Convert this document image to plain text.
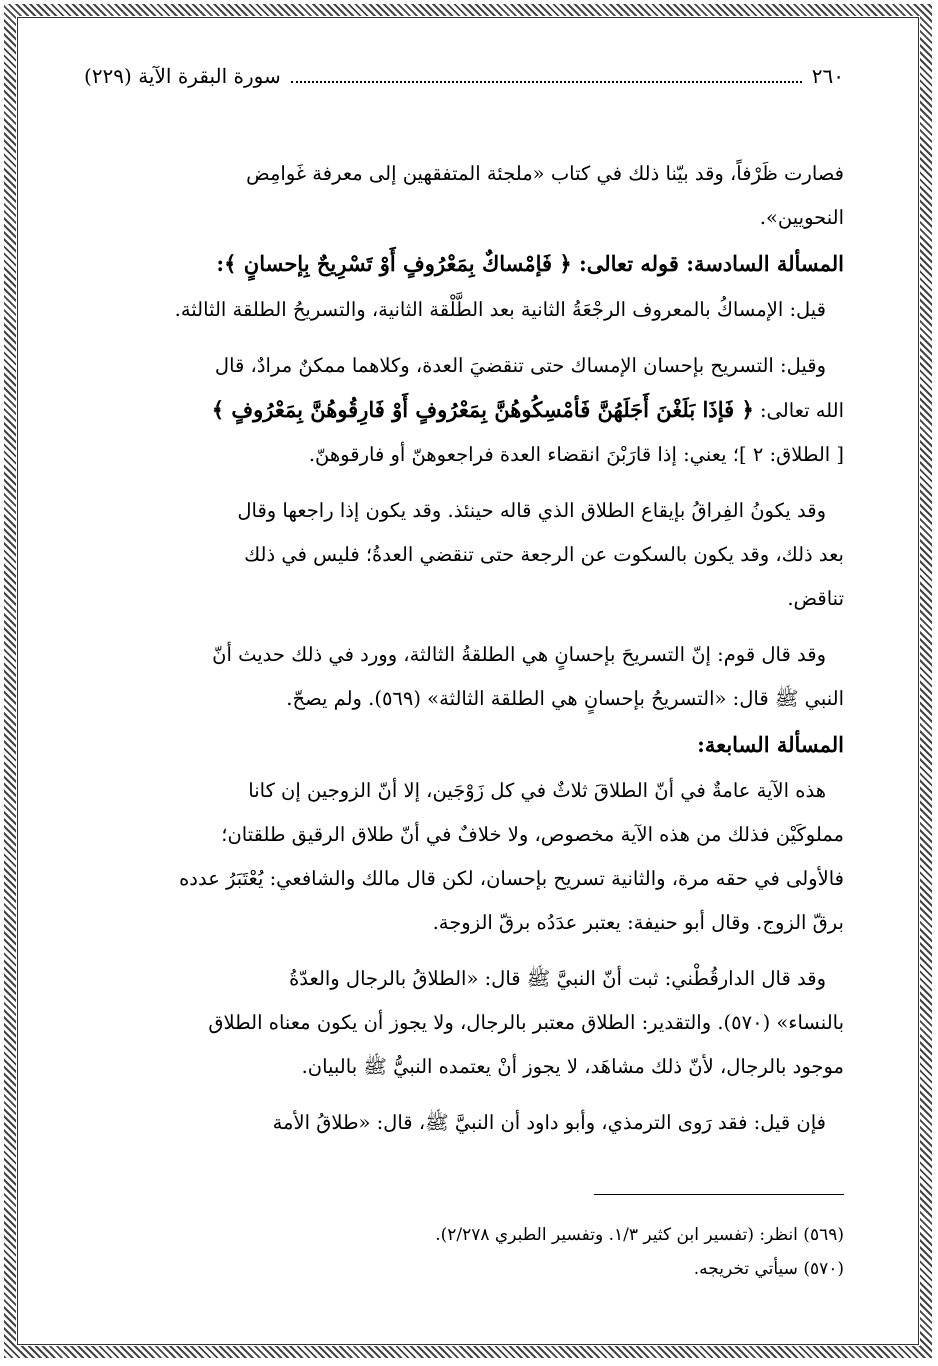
٢٦٠
سورة البقرة الآية (٢٢٩)

فصارت ظَرْفاً، وقد بيّنا ذلك في كتاب «ملجئة المتفقهين إلى معرفة غَوامِض

النحويين».

المسألة السادسة: قوله تعالى: ﴿ فَإمْساكٌ بِمَعْرُوفٍ أَوْ تَسْرِيحٌ بِإحسانٍ ﴾:

قيل: الإمساكُ بالمعروف الرجْعَةُ الثانية بعد الطَّلْقة الثانية، والتسريحُ الطلقة الثالثة.

وقيل: التسريح بإحسان الإمساك حتى تنقضيَ العدة، وكلاهما ممكنٌ مرادٌ، قال

الله تعالى: ﴿ فَإذَا بَلَغْنَ أَجَلَهُنَّ فَأمْسِكُوهُنَّ بِمَعْرُوفٍ أَوْ فَارِقُوهُنَّ بِمَعْرُوفٍ ﴾

[ الطلاق: ٢ ]؛ يعني: إذا قارَبْنَ انقضاء العدة فراجعوهنّ أو فارقوهنّ.

وقد يكونُ الفِراقُ بإيقاع الطلاق الذي قاله حينئذ. وقد يكون إذا راجعها وقال

بعد ذلك، وقد يكون بالسكوت عن الرجعة حتى تنقضي العدةُ؛ فليس في ذلك

تناقض.

وقد قال قوم: إنّ التسريحَ بإحسانٍ هي الطلقةُ الثالثة، وورد في ذلك حديث أنّ

النبي ﷺ قال: «التسريحُ بإحسانٍ هي الطلقة الثالثة» (٥٦٩). ولم يصحّ.

المسألة السابعة:

هذه الآية عامةٌ في أنّ الطلاقَ ثلاثٌ في كل زَوْجَين، إلا أنّ الزوجين إن كانا

مملوكَيْن فذلك من هذه الآية مخصوص، ولا خلافٌ في أنّ طلاق الرقيق طلقتان؛

فالأولى في حقه مرة، والثانية تسريح بإحسان، لكن قال مالك والشافعي: يُعْتَبَرُ عدده

برقّ الزوج. وقال أبو حنيفة: يعتبر عدَدُه برقّ الزوجة.

وقد قال الدارقُطْني: ثبت أنّ النبيَّ ﷺ قال: «الطلاقُ بالرجال والعدّةُ

بالنساء» (٥٧٠). والتقدير: الطلاق معتبر بالرجال، ولا يجوز أن يكون معناه الطلاق

موجود بالرجال، لأنّ ذلك مشاهَد، لا يجوز أنْ يعتمده النبيُّ ﷺ بالبيان.

فإن قيل: فقد رَوى الترمذي، وأبو داود أن النبيَّ ﷺ، قال: «طلاقُ الأمة

(٥٦٩) انظر: (تفسير ابن كثير ١/٣. وتفسير الطبري ٢/٢٧٨).

(٥٧٠) سيأتي تخريجه.
